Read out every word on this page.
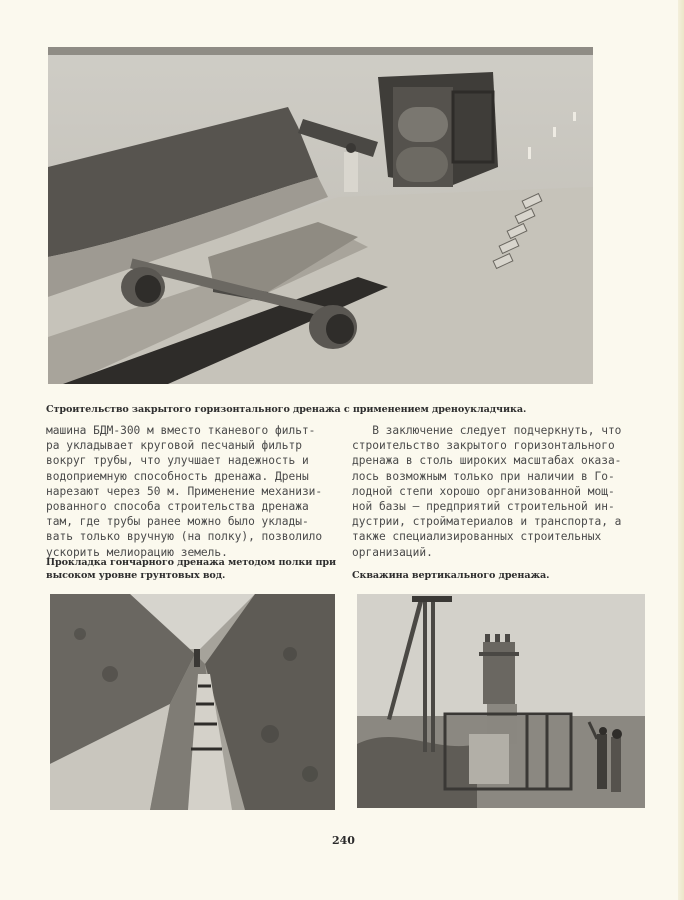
Строительство закрытого горизонтального дренажа с применением дреноукладчика.
машина БДМ-300 м вместо тканевого фильт-
ра укладывает круговой песчаный фильтр
вокруг трубы, что улучшает надежность и
водоприемную способность дренажа. Дрены
нарезают через 50 м. Применение механизи-
рованного способа строительства дренажа
там, где трубы ранее можно было уклады-
вать только вручную (на полку), позволило
ускорить мелиорацию земель.
В заключение следует подчеркнуть, что
строительство закрытого горизонтального
дренажа в столь широких масштабах оказа-
лось возможным только при наличии в Го-
лодной степи хорошо организованной мощ-
ной базы — предприятий строительной ин-
дустрии, стройматериалов и транспорта, а
также специализированных строительных
организаций.
Прокладка гончарного дренажа методом полки при
высоком уровне грунтовых вод.	Скважина вертикального дренажа.
240
